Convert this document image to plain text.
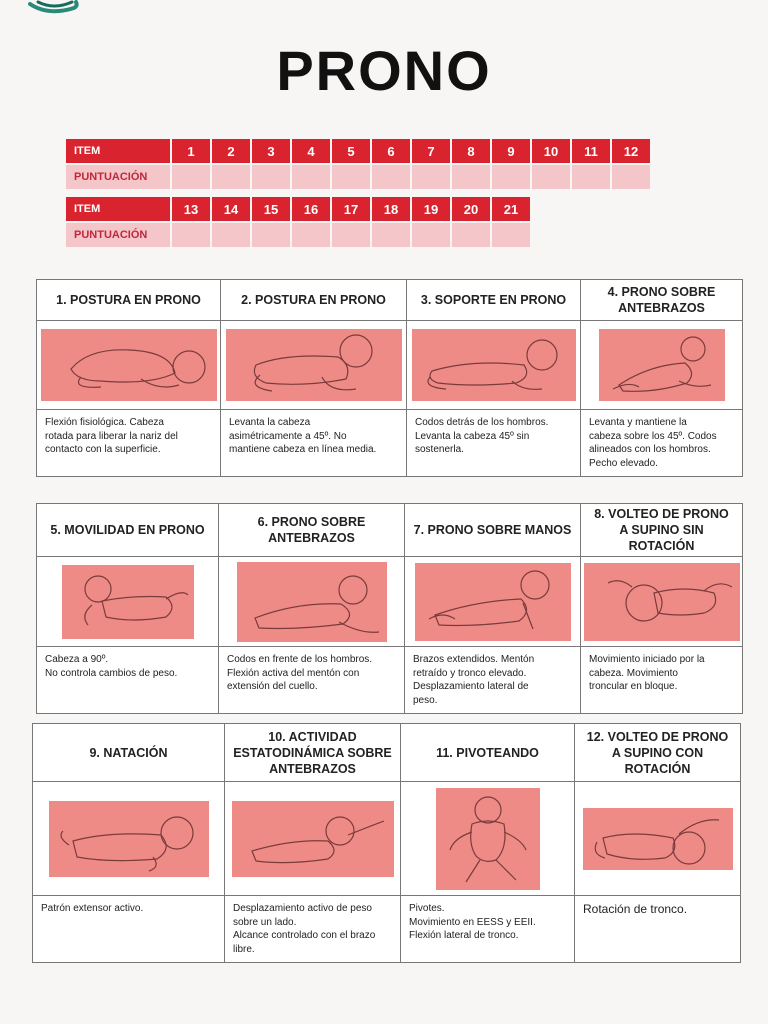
PRONO
ITEM	1	2	3	4	5	6	7	8	9	10	11	12
PUNTUACIÓN												

ITEM	13	14	15	16	17	18	19	20	21			
PUNTUACIÓN												
1. POSTURA EN PRONO	2. POSTURA EN PRONO	3. SOPORTE EN PRONO	4. PRONO SOBRE ANTEBRAZOS

Flexión fisiológica. Cabeza
rotada para liberar la nariz del
contacto con la superficie.	Levanta la cabeza
asimétricamente a 45º. No
mantiene cabeza en línea media.	Codos detrás de los hombros.
Levanta la cabeza 45º sin
sostenerla.	Levanta y mantiene la
cabeza sobre los 45º. Codos
alineados con los hombros.
Pecho elevado.
5. MOVILIDAD EN PRONO	6. PRONO SOBRE ANTEBRAZOS	7. PRONO SOBRE MANOS	8. VOLTEO DE PRONO A SUPINO SIN ROTACIÓN

Cabeza a 90º.
No controla cambios de peso.	Codos en frente de los hombros.
Flexión activa del mentón con
extensión del cuello.	Brazos extendidos. Mentón
retraído y tronco elevado.
Desplazamiento lateral de
peso.	Movimiento iniciado por la
cabeza. Movimiento
troncular en bloque.
9. NATACIÓN	10. ACTIVIDAD ESTATODINÁMICA SOBRE ANTEBRAZOS	11. PIVOTEANDO	12. VOLTEO DE PRONO A SUPINO CON ROTACIÓN

Patrón extensor activo.	Desplazamiento activo de peso
sobre un lado.
Alcance controlado con el brazo
libre.	Pivotes.
Movimiento en EESS y EEII.
Flexión lateral de tronco.	Rotación de tronco.
